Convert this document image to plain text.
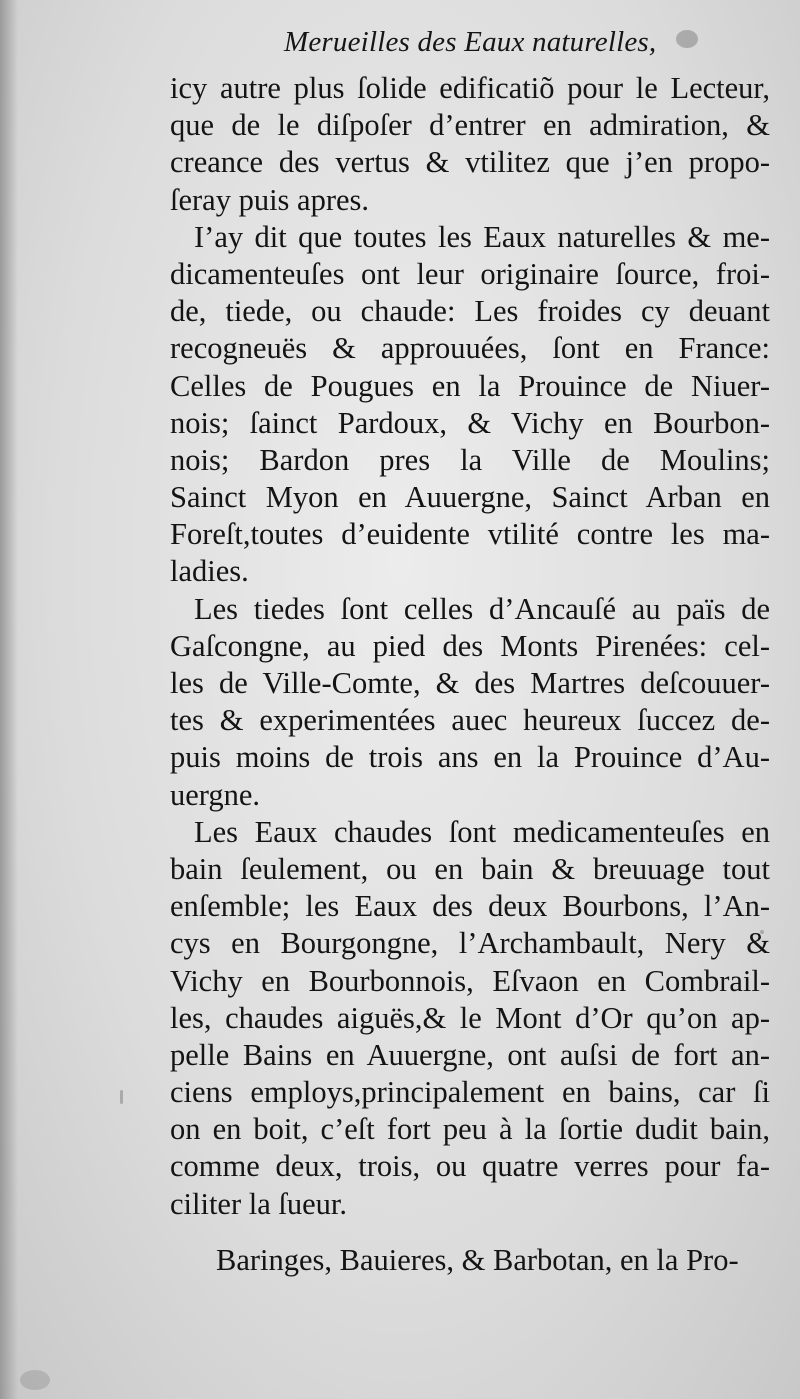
Merueilles des Eaux naturelles,
icy autre plus ſolide edificatiõ pour le Lecteur,
que de le diſpoſer d’entrer en admiration, &
creance des vertus & vtilitez que j’en propo-
ſeray puis apres.
I’ay dit que toutes les Eaux naturelles & me-
dicamenteuſes ont leur originaire ſource, froi-
de, tiede, ou chaude: Les froides cy deuant
recogneuës & approuuées, ſont en France:
Celles de Pougues en la Prouince de Niuer-
nois; ſainct Pardoux, & Vichy en Bourbon-
nois; Bardon pres la Ville de Moulins;
Sainct Myon en Auuergne, Sainct Arban en
Foreſt,toutes d’euidente vtilité contre les ma-
ladies.
Les tiedes ſont celles d’Ancauſé au païs de
Gaſcongne, au pied des Monts Pirenées: cel-
les de Ville-Comte, & des Martres deſcouuer-
tes & experimentées auec heureux ſuccez de-
puis moins de trois ans en la Prouince d’Au-
uergne.
Les Eaux chaudes ſont medicamenteuſes en
bain ſeulement, ou en bain & breuuage tout
enſemble; les Eaux des deux Bourbons, l’An-
cys en Bourgongne, l’Archambault, Nery &
Vichy en Bourbonnois, Eſvaon en Combrail-
les, chaudes aiguës,& le Mont d’Or qu’on ap-
pelle Bains en Auuergne, ont auſsi de fort an-
ciens employs,principalement en bains, car ſi
on en boit, c’eſt fort peu à la ſortie dudit bain,
comme deux, trois, ou quatre verres pour fa-
ciliter la ſueur.
Baringes, Bauieres, & Barbotan, en la Pro-
